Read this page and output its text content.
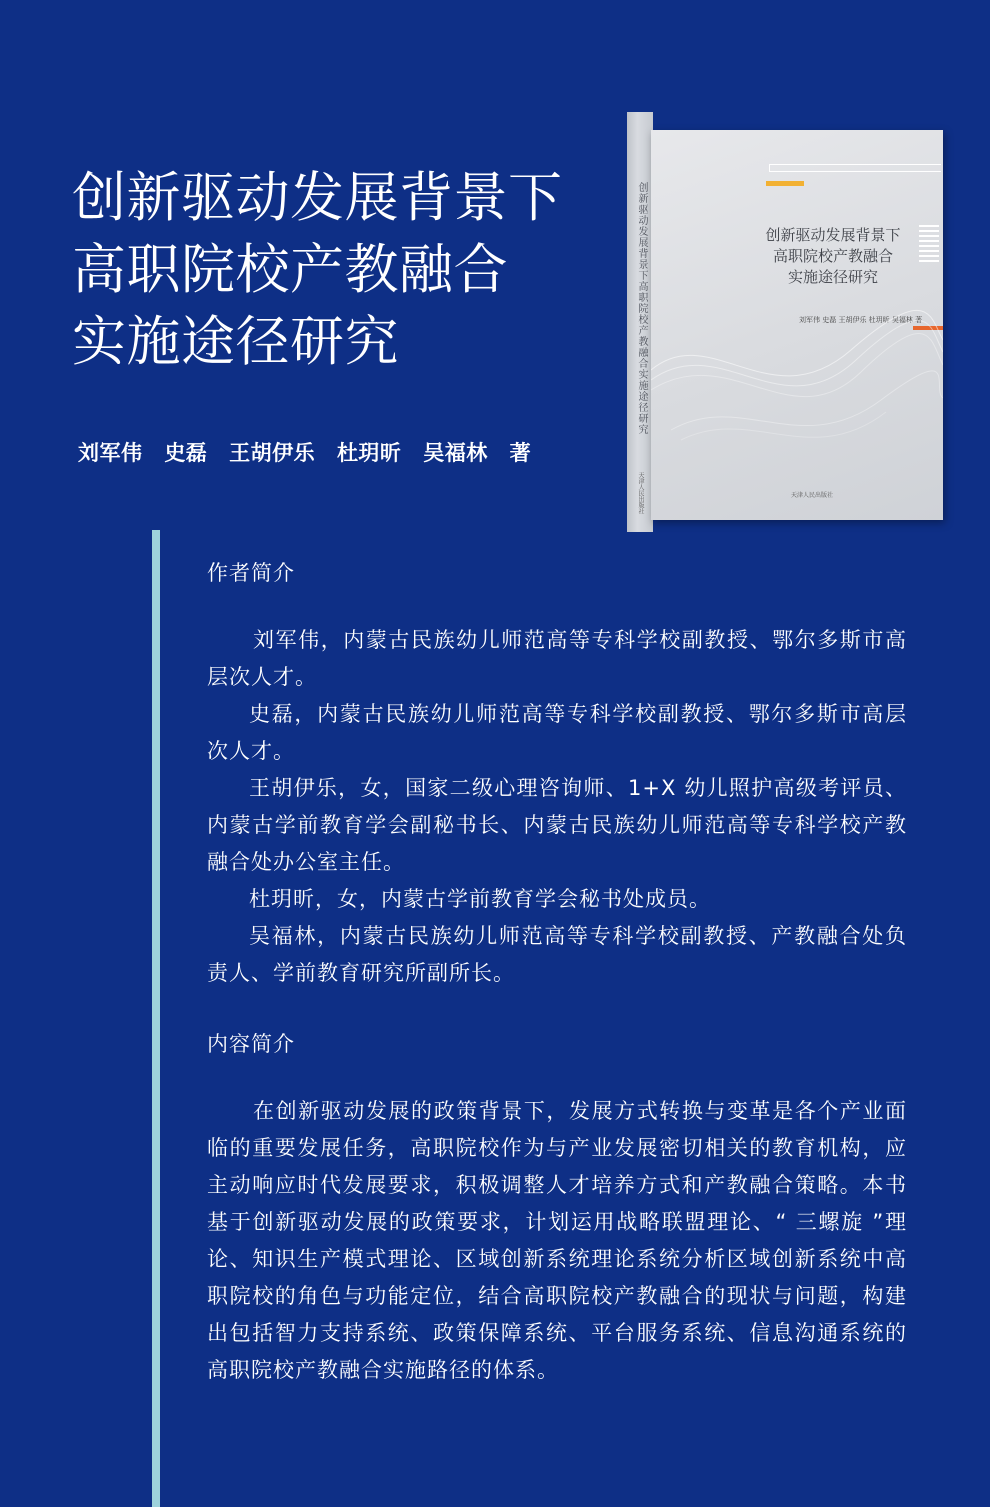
创新驱动发展背景下
高职院校产教融合
实施途径研究
刘军伟 史磊 王胡伊乐 杜玥昕 吴福林 著
创新驱动发展背景下高职院校产教融合实施途径研究
天津人民出版社
创新驱动发展背景下
高职院校产教融合
实施途径研究
刘军伟 史磊 王胡伊乐 杜玥昕 吴福林 著
天津人民出版社
作者简介

刘军伟，内蒙古民族幼儿师范高等专科学校副教授、鄂尔多斯市高层次人才。

史磊，内蒙古民族幼儿师范高等专科学校副教授、鄂尔多斯市高层次人才。

王胡伊乐，女，国家二级心理咨询师、1+X 幼儿照护高级考评员、内蒙古学前教育学会副秘书长、内蒙古民族幼儿师范高等专科学校产教融合处办公室主任。

杜玥昕，女，内蒙古学前教育学会秘书处成员。

吴福林，内蒙古民族幼儿师范高等专科学校副教授、产教融合处负责人、学前教育研究所副所长。

内容简介

在创新驱动发展的政策背景下，发展方式转换与变革是各个产业面临的重要发展任务，高职院校作为与产业发展密切相关的教育机构，应主动响应时代发展要求，积极调整人才培养方式和产教融合策略。本书基于创新驱动发展的政策要求，计划运用战略联盟理论、“ 三螺旋 ”理论、知识生产模式理论、区域创新系统理论系统分析区域创新系统中高职院校的角色与功能定位，结合高职院校产教融合的现状与问题，构建出包括智力支持系统、政策保障系统、平台服务系统、信息沟通系统的高职院校产教融合实施路径的体系。
